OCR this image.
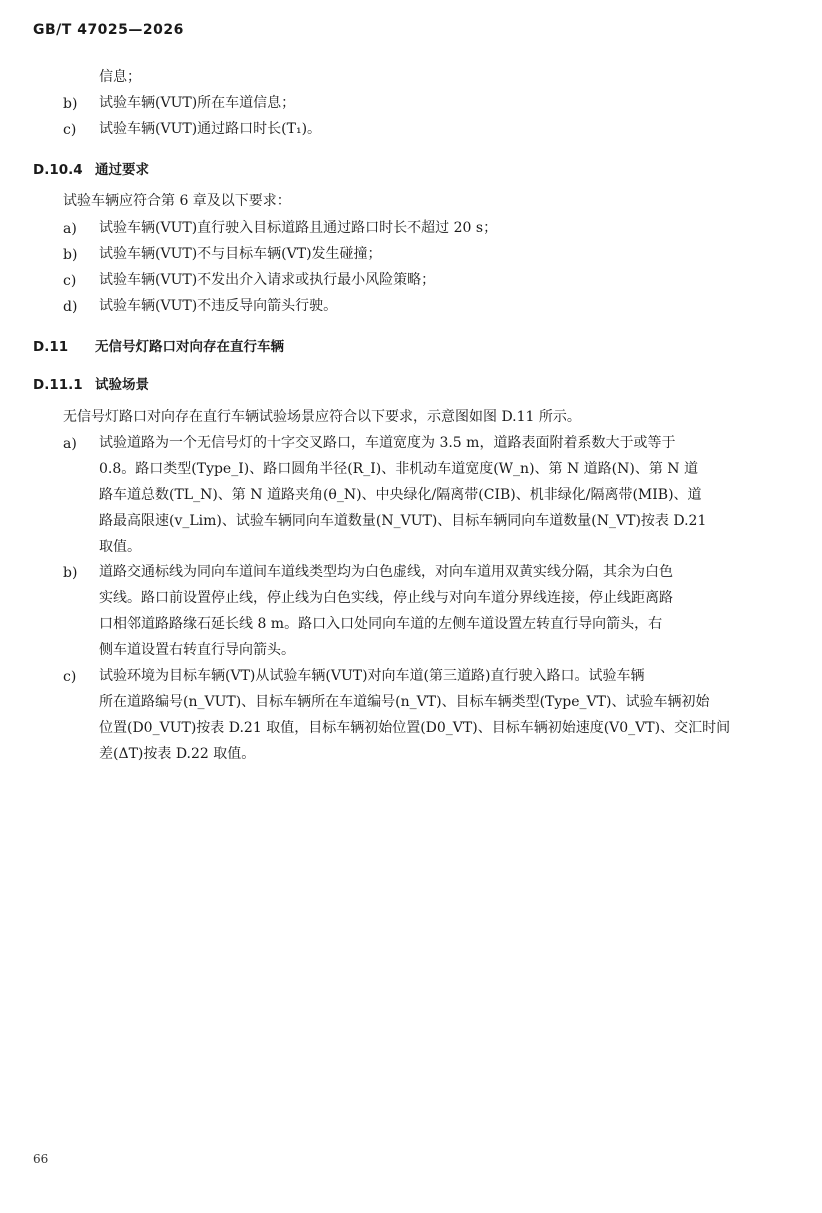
GB/T 47025—2026
信息；
b) 试验车辆(VUT)所在车道信息；
c) 试验车辆(VUT)通过路口时长(T₁)。
D.10.4 通过要求
试验车辆应符合第 6 章及以下要求：
a) 试验车辆(VUT)直行驶入目标道路且通过路口时长不超过 20 s；
b) 试验车辆(VUT)不与目标车辆(VT)发生碰撞；
c) 试验车辆(VUT)不发出介入请求或执行最小风险策略；
d) 试验车辆(VUT)不违反导向箭头行驶。
D.11 无信号灯路口对向存在直行车辆
D.11.1 试验场景
无信号灯路口对向存在直行车辆试验场景应符合以下要求，示意图如图 D.11 所示。
a) 试验道路为一个无信号灯的十字交叉路口，车道宽度为 3.5 m，道路表面附着系数大于或等于
0.8。路口类型(Type_I)、路口圆角半径(R_I)、非机动车道宽度(W_n)、第 N 道路(N)、第 N 道
路车道总数(TL_N)、第 N 道路夹角(θ_N)、中央绿化/隔离带(CIB)、机非绿化/隔离带(MIB)、道
路最高限速(v_Lim)、试验车辆同向车道数量(N_VUT)、目标车辆同向车道数量(N_VT)按表 D.21
取值。
b) 道路交通标线为同向车道间车道线类型均为白色虚线，对向车道用双黄实线分隔，其余为白色
实线。路口前设置停止线，停止线为白色实线，停止线与对向车道分界线连接，停止线距离路
口相邻道路路缘石延长线 8 m。路口入口处同向车道的左侧车道设置左转直行导向箭头，右
侧车道设置右转直行导向箭头。
c) 试验环境为目标车辆(VT)从试验车辆(VUT)对向车道(第三道路)直行驶入路口。试验车辆
所在道路编号(n_VUT)、目标车辆所在车道编号(n_VT)、目标车辆类型(Type_VT)、试验车辆初始
位置(D0_VUT)按表 D.21 取值，目标车辆初始位置(D0_VT)、目标车辆初始速度(V0_VT)、交汇时间
差(ΔT)按表 D.22 取值。
66
